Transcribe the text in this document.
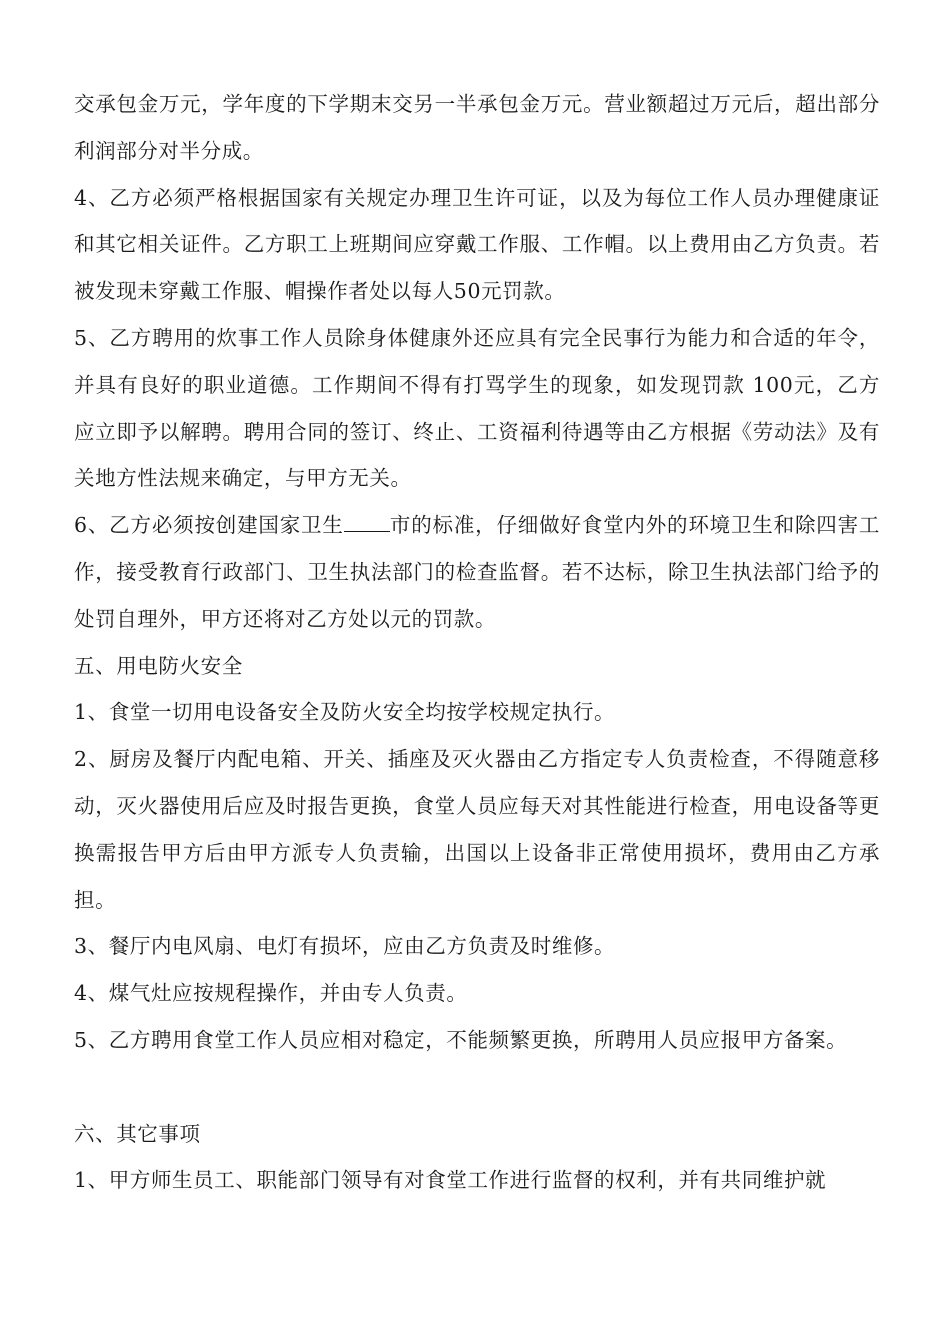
交承包金万元，学年度的下学期末交另一半承包金万元。营业额超过万元后，超出部分利润部分对半分成。

4、乙方必须严格根据国家有关规定办理卫生许可证，以及为每位工作人员办理健康证和其它相关证件。乙方职工上班期间应穿戴工作服、工作帽。以上费用由乙方负责。若被发现未穿戴工作服、帽操作者处以每人50元罚款。

5、乙方聘用的炊事工作人员除身体健康外还应具有完全民事行为能力和合适的年令，并具有良好的职业道德。工作期间不得有打骂学生的现象，如发现罚款 100元，乙方应立即予以解聘。聘用合同的签订、终止、工资福利待遇等由乙方根据《劳动法》及有关地方性法规来确定，与甲方无关。

6、乙方必须按创建国家卫生 市的标准，仔细做好食堂内外的环境卫生和除四害工作，接受教育行政部门、卫生执法部门的检查监督。若不达标，除卫生执法部门给予的处罚自理外，甲方还将对乙方处以元的罚款。

五、用电防火安全

1、食堂一切用电设备安全及防火安全均按学校规定执行。

2、厨房及餐厅内配电箱、开关、插座及灭火器由乙方指定专人负责检查，不得随意移动，灭火器使用后应及时报告更换，食堂人员应每天对其性能进行检查，用电设备等更换需报告甲方后由甲方派专人负责输，出国以上设备非正常使用损坏，费用由乙方承担。

3、餐厅内电风扇、电灯有损坏，应由乙方负责及时维修。

4、煤气灶应按规程操作，并由专人负责。

5、乙方聘用食堂工作人员应相对稳定，不能频繁更换，所聘用人员应报甲方备案。

六、其它事项

1、甲方师生员工、职能部门领导有对食堂工作进行监督的权利，并有共同维护就
